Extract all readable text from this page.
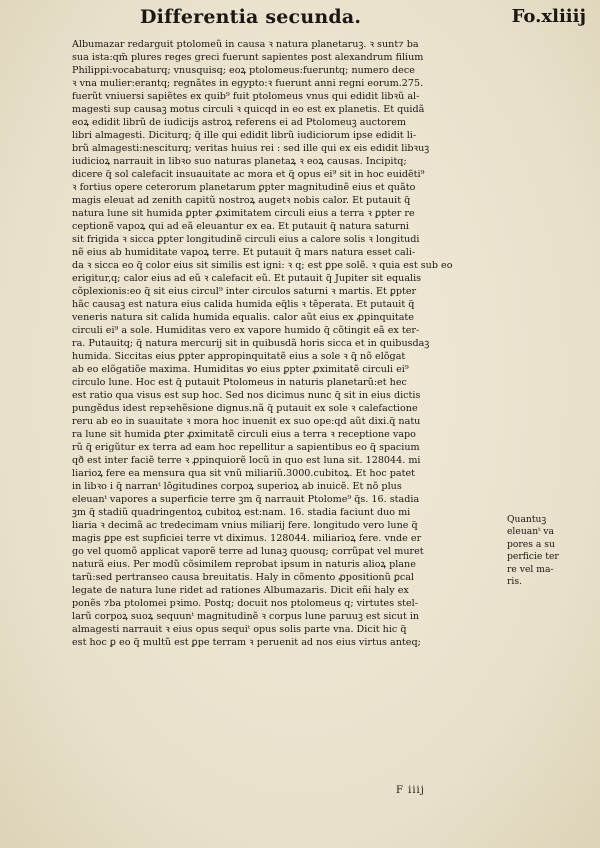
Differentia secunda.	Fo.xliiij
Albumazar redarguit ptolomeũ in causa ꝛ natura planetaruꝫ. ꝛ sunt⁊ ba
sua ista:qm̃ plures reges greci fuerunt sapientes post alexandrum filium
Philippi:vocabaturq; vnusquisq; eoꝝ ptolomeus:fueruntq; numero dece
ꝛ vna mulier:erantq; regnãtes in egypto:ꝛ fuerunt anni regni eorum.275.
fuerũt vniuersi sapiẽtes ex quib⁹ fuit ptolomeus vnus qui edidit libꝛũ al-
magesti sup causaꝫ motus circuli ꝛ quicqd in eo est ex planetis. Et quidã
eoꝝ edidit librũ de iudicijs astroꝝ referens ei ad Ptolomeuꝫ auctorem
libri almagesti. Diciturq; q̃ ille qui edidit librũ iudiciorum ipse edidit li-
brũ almagesti:nesciturq; veritas huius rei : sed ille qui ex eis edidit libꝛuꝫ
iudicioꝝ narrauit in libꝛo suo naturas planetaꝝ ꝛ eoꝝ causas. Incipitq;
dicere q̃ sol calefacit insuauitate ac mora et q̃ opus ei⁹ sit in hoc euidẽti⁹
ꝛ fortius opere ceterorum planetarum ꝑpter magnitudinẽ eius et quãto
magis eleuat ad zenith capitũ nostroꝝ augetꝛ nobis calor. Et putauit q̃
natura lune sit humida ꝑpter ꝓximitatem circuli eius a terra ꝛ ꝑpter re
ceptionẽ vapoꝝ qui ad eã eleuantur ex ea. Et putauit q̃ natura saturni
sit frigida ꝛ sicca ꝑpter longitudinẽ circuli eius a calore solis ꝛ longitudi
nẽ eius ab humiditate vapoꝝ terre. Et putauit q̃ mars natura esset cali-
da ꝛ sicca eo q̃ color eius sit similis est igni: ꝛ q; est ꝑpe solẽ. ꝛ quia est sub eo
erigitur,q; calor eius ad eũ ꝛ calefacit eũ. Et putauit q̃ Jupiter sit equalis
cõplexionis:eo q̃ sit eius circul⁹ inter circulos saturni ꝛ martis. Et ꝑpter
hãc causaꝫ est natura eius calida humida eq̃lis ꝛ tẽperata. Et putauit q̃
veneris natura sit calida humida equalis. calor aũt eius ex ꝓpinquitate
circuli ei⁹ a sole. Humiditas vero ex vapore humido q̃ cõtingit eã ex ter-
ra. Putauitq; q̃ natura mercurij sit in quibusdã horis sicca et in quibusdaꝫ
humida. Siccitas eius ꝑpter appropinquitatẽ eius a sole ꝛ q̃ nõ elõgat
ab eo elõgatiõe maxima. Humiditas ꝟo eius ꝑpter ꝓximitatẽ circuli ei⁹
circulo lune. Hoc est q̃ putauit Ptolomeus in naturis planetarũ:et hec
est ratio qua visus est sup hoc. Sed nos dicimus nunc q̃ sit in eius dictis
pungẽdus idest repꝛehẽsione dignus.nã q̃ putauit ex sole ꝛ calefactione
reru ab eo in suauitate ꝛ mora hoc inuenit ex suo ope:qd aũt dixi.q̃ natu
ra lune sit humida ꝑter ꝓximitatẽ circuli eius a terra ꝛ receptione vapo
rũ q̃ erigũtur ex terra ad eam hoc repellitur a sapientibus eo q̃ spacium
qð est inter faciẽ terre ꝛ ꝓpinquiorẽ locũ in quo est luna sit. 128044. mi
liarioꝝ fere ea mensura qua sit vnũ miliariũ.3000.cubitoꝝ. Et hoc patet
in libꝛo i q̃ narranᵗ lõgitudines corpoꝝ superioꝝ ab inuicẽ. Et nõ plus
eleuanᵗ vapores a superficie terre ꝫm q̃ narrauit Ptolome⁹ q̃s. 16. stadia
ꝫm q̃ stadiũ quadringentoꝝ cubitoꝝ est:nam. 16. stadia faciunt duo mi
liaria ꝛ decimã ac tredecimam vnius miliarij fere. longitudo vero lune q̃
magis ꝑpe est supficiei terre vt diximus. 128044. miliarioꝝ fere. vnde er
go vel quomõ applicat vaporẽ terre ad lunaꝫ quousq; corrũpat vel muret
naturã eius. Per modũ cõsimilem reprobat ipsum in naturis alioꝝ plane
tarũ:sed pertranseo causa breuitatis. Haly in cõmento ꝓpositionũ ꝑcal
legate de natura lune ridet ad rationes Albumazaris. Dicit eñi haly ex
ponẽs ⁊ba ptolomei pꝛimo. Postq; docuit nos ptolomeus q; virtutes stel-
larũ corpoꝝ suoꝝ sequunᵗ magnitudinẽ ꝛ corpus lune paruuꝫ est sicut in
almagesti narrauit ꝛ eius opus sequiᵗ opus solis parte vna. Dicit hic q̃
est hoc ꝑ eo q̃ multũ est ꝑpe terram ꝛ peruenit ad nos eius virtus anteq;
Quantuꝫ
eleuanᵗ va
pores a su
perficie ter
re vel ma-
ris.
F iiij
